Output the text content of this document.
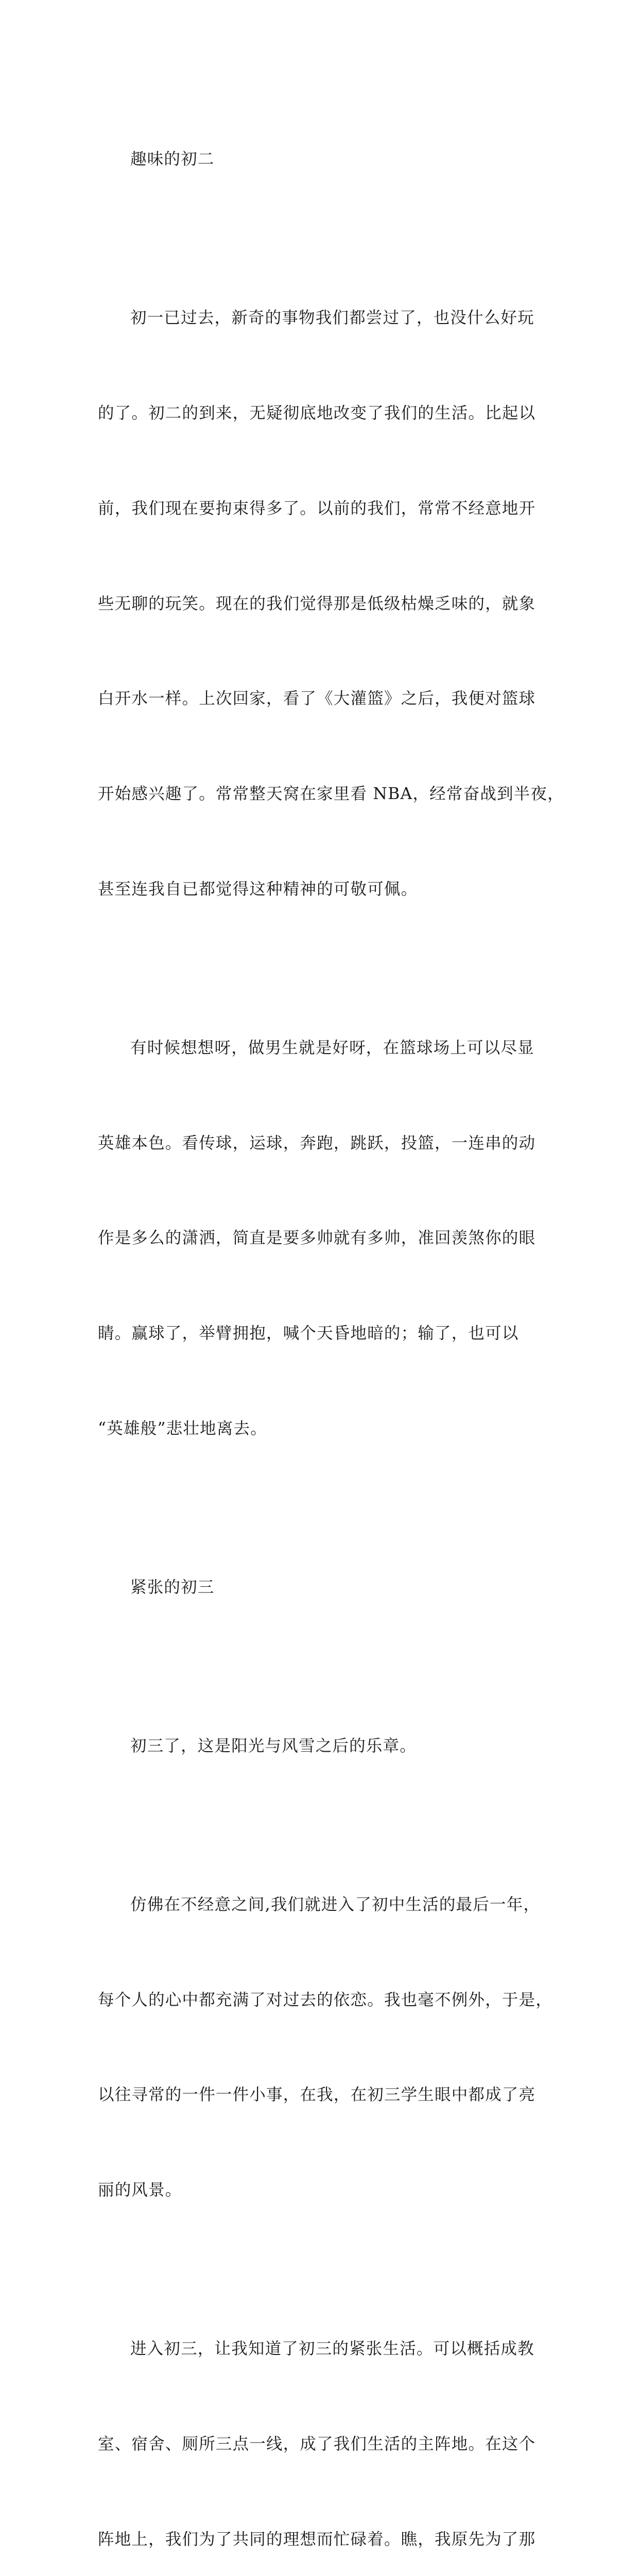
趣味的初二

初一已过去，新奇的事物我们都尝过了，也没什么好玩

的了。初二的到来，无疑彻底地改变了我们的生活。比起以

前，我们现在要拘束得多了。以前的我们，常常不经意地开

些无聊的玩笑。现在的我们觉得那是低级枯燥乏味的，就象

白开水一样。上次回家，看了《大灌篮》之后，我便对篮球

开始感兴趣了。常常整天窝在家里看 NBA，经常奋战到半夜，

甚至连我自已都觉得这种精神的可敬可佩。

有时候想想呀，做男生就是好呀，在篮球场上可以尽显

英雄本色。看传球，运球，奔跑，跳跃，投篮，一连串的动

作是多么的潇洒，简直是要多帅就有多帅，准回羡煞你的眼

睛。赢球了，举臂拥抱，喊个天昏地暗的；输了，也可以

“英雄般”悲壮地离去。

紧张的初三

初三了，这是阳光与风雪之后的乐章。

仿佛在不经意之间,我们就进入了初中生活的最后一年，

每个人的心中都充满了对过去的依恋。我也毫不例外，于是，

以往寻常的一件一件小事，在我，在初三学生眼中都成了亮

丽的风景。

进入初三，让我知道了初三的紧张生活。可以概括成教

室、宿舍、厕所三点一线，成了我们生活的主阵地。在这个

阵地上，我们为了共同的理想而忙碌着。瞧，我原先为了那
